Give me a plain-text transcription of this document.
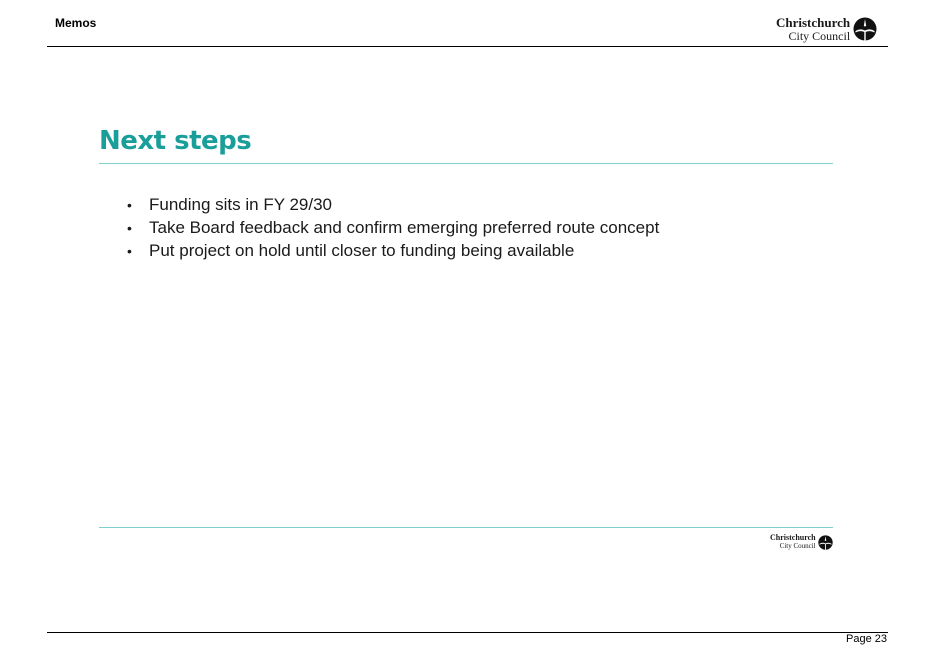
Memos	Christchurch
City Council
Next steps
•	Funding sits in FY 29/30
•	Take Board feedback and confirm emerging preferred route concept
•	Put project on hold until closer to funding being available
Christchurch
City Council
Page 23
